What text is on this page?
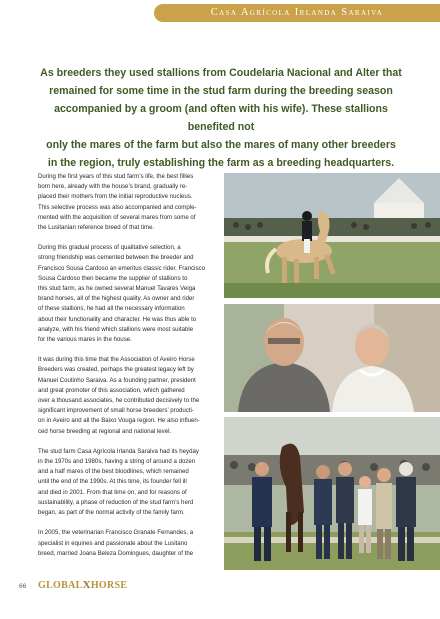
Casa Agrícola Irlanda Saraiva
As breeders they used stallions from Coudelaria Nacional and Alter that
remained for some time in the stud farm during the breeding season
accompanied by a groom (and often with his wife). These stallions benefited not
only the mares of the farm but also the mares of many other breeders
in the region, truly establishing the farm as a breeding headquarters.

During the first years of this stud farm’s life, the best fillies
born here, already with the house’s brand, gradually re-
placed their mothers from the initial reproductive nucleus.
This selective process was also accompanied and comple-
mented with the acquisition of several mares from some of
the Lusitanian reference breed of that time.

During this gradual process of qualitative selection, a
strong friendship was cemented between the breeder and
Francisco Sousa Cardoso an emeritus classic rider. Francisco
Sousa Cardoso then became the supplier of stallions to
this stud farm, as he owned several Manuel Tavares Veiga
brand horses, all of the highest quality. As owner and rider
of these stallions, he had all the necessary information
about their functionality and character. He was thus able to
analyze, with his friend which stallions were most suitable
for the various mares in the house.

It was during this time that the Association of Aveiro Horse
Breeders was created, perhaps the greatest legacy left by
Manuel Coutinho Saraiva. As a founding partner, president
and great promoter of this association, which gathered
over a thousand associates, he contributed decisively to the
significant improvement of small horse breeders’ producti-
on in Aveiro and all the Baixo Vouga region. He also influen-
ced horse breeding at regional and national level.

The stud farm Casa Agrícola Irlanda Saraiva had its heyday
in the 1970s and 1980s, having a string of around a dozen
and a half mares of the best bloodlines, which remained
until the end of the 1990s. At this time, its founder fell ill
and died in 2001. From that time on, and for reasons of
sustainability, a phase of reduction of the stud farm’s herd
began, as part of the normal activity of the family farm.

In 2005, the veterinarian Francisco Granate Fernandes, a
specialist in equines and passionate about the Lusitano
breed, married Joana Beleza Domingues, daughter of the

66 GLOBALXHORSE
